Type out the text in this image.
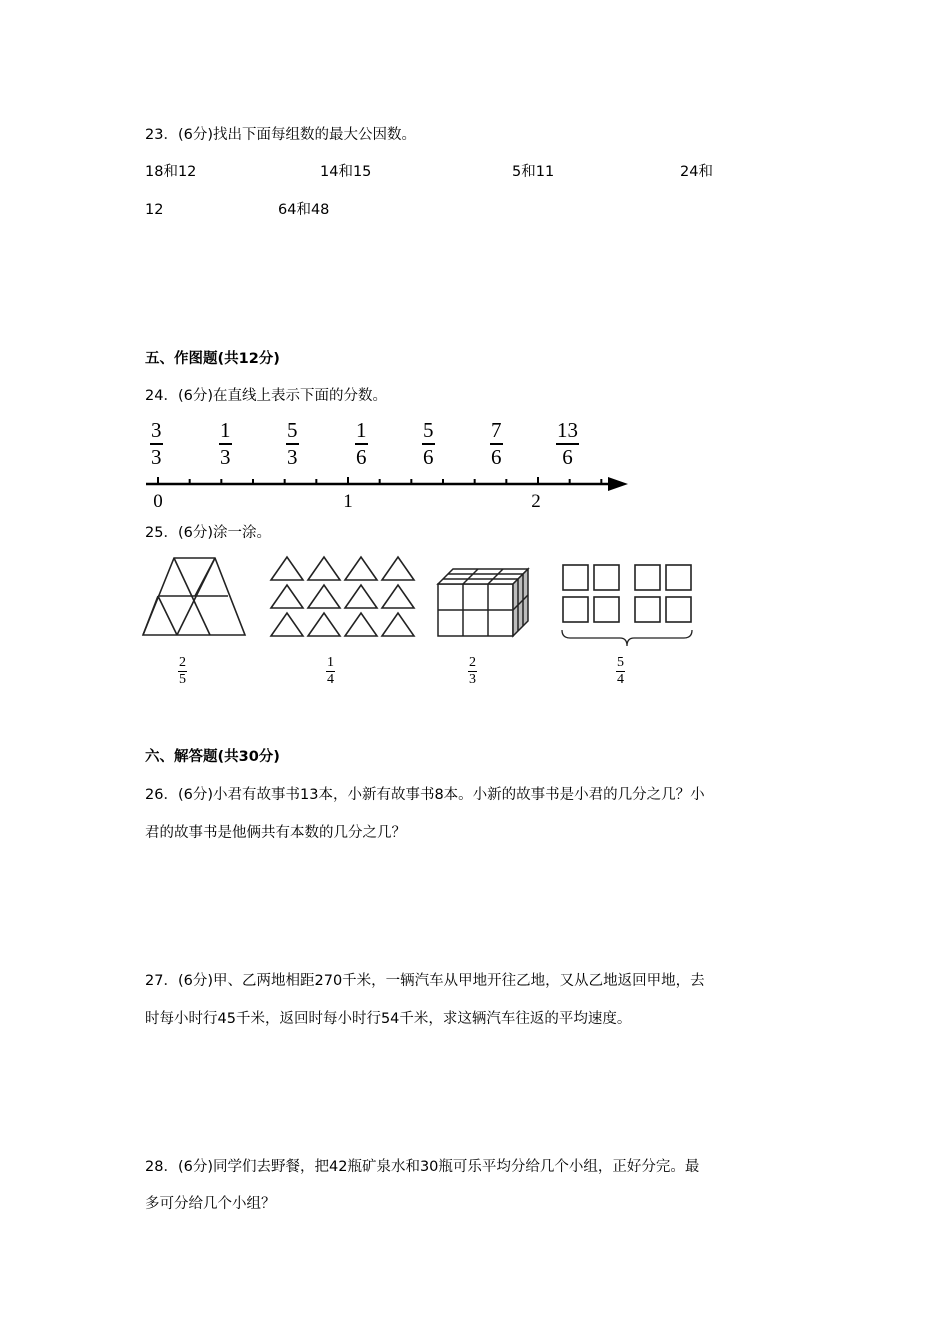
23．(6分)找出下面每组数的最大公因数。
18和12	14和15	5和11	24和
12	64和48
五、作图题(共12分)
24．(6分)在直线上表示下面的分数。
3
3
1
3
5
3
1
6
5
6
7
6
13
6
0	1	2
25．(6分)涂一涂。
2
5
1
4
2
3
5
4
六、解答题(共30分)
26．(6分)小君有故事书13本，小新有故事书8本。小新的故事书是小君的几分之几？小
君的故事书是他俩共有本数的几分之几？
27．(6分)甲、乙两地相距270千米，一辆汽车从甲地开往乙地，又从乙地返回甲地，去
时每小时行45千米，返回时每小时行54千米，求这辆汽车往返的平均速度。
28．(6分)同学们去野餐，把42瓶矿泉水和30瓶可乐平均分给几个小组，正好分完。最
多可分给几个小组？
